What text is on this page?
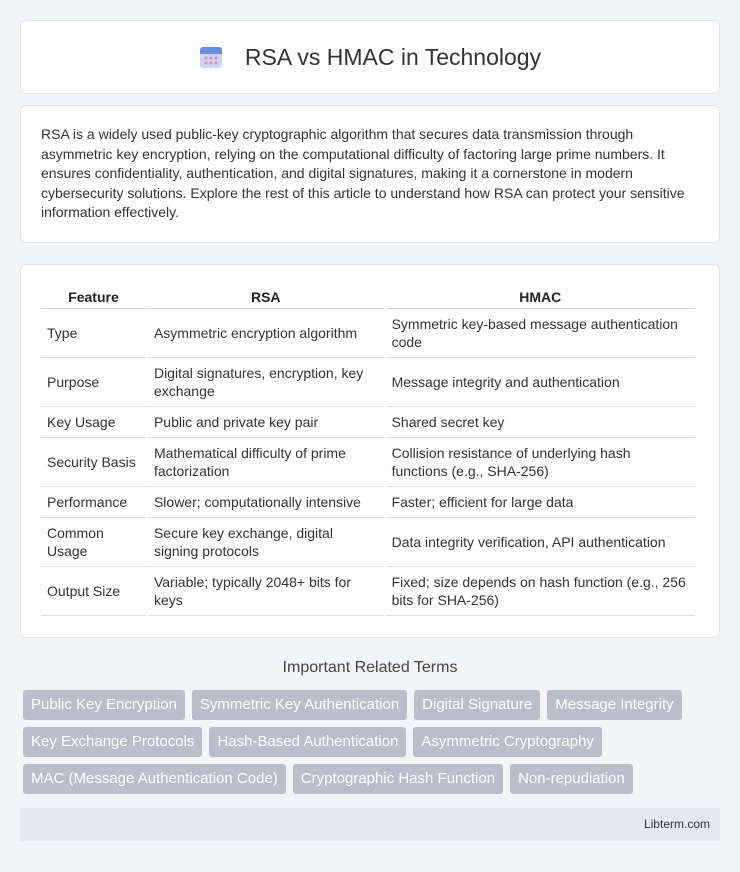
RSA vs HMAC in Technology

RSA is a widely used public-key cryptographic algorithm that secures data transmission through asymmetric key encryption, relying on the computational difficulty of factoring large prime numbers. It ensures confidentiality, authentication, and digital signatures, making it a cornerstone in modern cybersecurity solutions. Explore the rest of this article to understand how RSA can protect your sensitive information effectively.

Feature	RSA	HMAC
Type	Asymmetric encryption algorithm	Symmetric key-based message authentication code
Purpose	Digital signatures, encryption, key exchange	Message integrity and authentication
Key Usage	Public and private key pair	Shared secret key
Security Basis	Mathematical difficulty of prime factorization	Collision resistance of underlying hash functions (e.g., SHA-256)
Performance	Slower; computationally intensive	Faster; efficient for large data
Common Usage	Secure key exchange, digital signing protocols	Data integrity verification, API authentication
Output Size	Variable; typically 2048+ bits for keys	Fixed; size depends on hash function (e.g., 256 bits for SHA-256)
Important Related Terms
Public Key Encryption	Symmetric Key Authentication	Digital Signature	Message Integrity
Key Exchange Protocols	Hash-Based Authentication	Asymmetric Cryptography
MAC (Message Authentication Code)	Cryptographic Hash Function	Non-repudiation
Libterm.com
